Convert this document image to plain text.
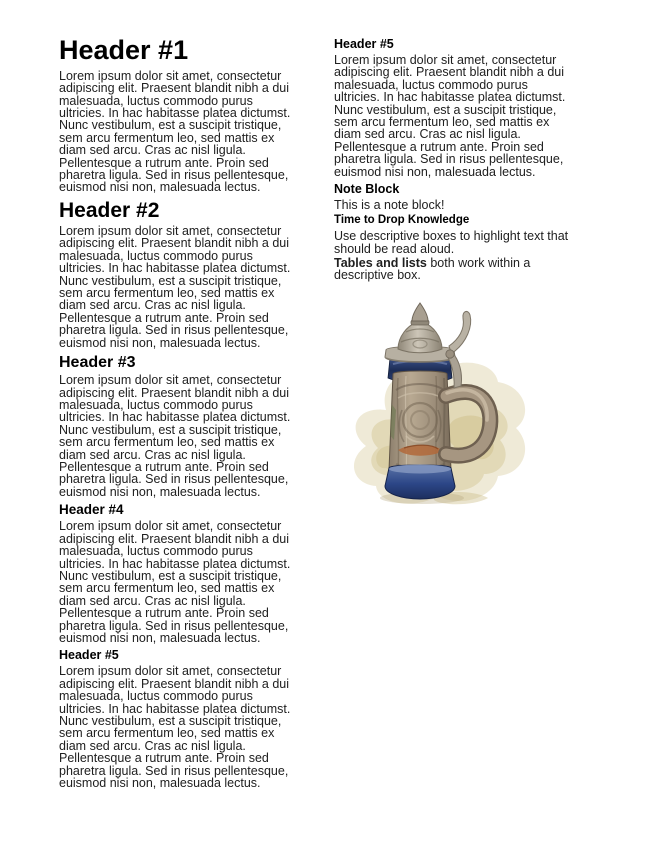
Header #1

Lorem ipsum dolor sit amet, consectetur
adipiscing elit. Praesent blandit nibh a dui
malesuada, luctus commodo purus
ultricies. In hac habitasse platea dictumst.
Nunc vestibulum, est a suscipit tristique,
sem arcu fermentum leo, sed mattis ex
diam sed arcu. Cras ac nisl ligula.
Pellentesque a rutrum ante. Proin sed
pharetra ligula. Sed in risus pellentesque,
euismod nisi non, malesuada lectus.

Header #2

Lorem ipsum dolor sit amet, consectetur
adipiscing elit. Praesent blandit nibh a dui
malesuada, luctus commodo purus
ultricies. In hac habitasse platea dictumst.
Nunc vestibulum, est a suscipit tristique,
sem arcu fermentum leo, sed mattis ex
diam sed arcu. Cras ac nisl ligula.
Pellentesque a rutrum ante. Proin sed
pharetra ligula. Sed in risus pellentesque,
euismod nisi non, malesuada lectus.

Header #3

Lorem ipsum dolor sit amet, consectetur
adipiscing elit. Praesent blandit nibh a dui
malesuada, luctus commodo purus
ultricies. In hac habitasse platea dictumst.
Nunc vestibulum, est a suscipit tristique,
sem arcu fermentum leo, sed mattis ex
diam sed arcu. Cras ac nisl ligula.
Pellentesque a rutrum ante. Proin sed
pharetra ligula. Sed in risus pellentesque,
euismod nisi non, malesuada lectus.

Header #4

Lorem ipsum dolor sit amet, consectetur
adipiscing elit. Praesent blandit nibh a dui
malesuada, luctus commodo purus
ultricies. In hac habitasse platea dictumst.
Nunc vestibulum, est a suscipit tristique,
sem arcu fermentum leo, sed mattis ex
diam sed arcu. Cras ac nisl ligula.
Pellentesque a rutrum ante. Proin sed
pharetra ligula. Sed in risus pellentesque,
euismod nisi non, malesuada lectus.

Header #5

Lorem ipsum dolor sit amet, consectetur
adipiscing elit. Praesent blandit nibh a dui
malesuada, luctus commodo purus
ultricies. In hac habitasse platea dictumst.
Nunc vestibulum, est a suscipit tristique,
sem arcu fermentum leo, sed mattis ex
diam sed arcu. Cras ac nisl ligula.
Pellentesque a rutrum ante. Proin sed
pharetra ligula. Sed in risus pellentesque,
euismod nisi non, malesuada lectus.

Header #5

Lorem ipsum dolor sit amet, consectetur
adipiscing elit. Praesent blandit nibh a dui
malesuada, luctus commodo purus
ultricies. In hac habitasse platea dictumst.
Nunc vestibulum, est a suscipit tristique,
sem arcu fermentum leo, sed mattis ex
diam sed arcu. Cras ac nisl ligula.
Pellentesque a rutrum ante. Proin sed
pharetra ligula. Sed in risus pellentesque,
euismod nisi non, malesuada lectus.

Note Block

This is a note block!

Time to Drop Knowledge

Use descriptive boxes to highlight text that
should be read aloud.

Tables and lists both work within a descriptive box.
